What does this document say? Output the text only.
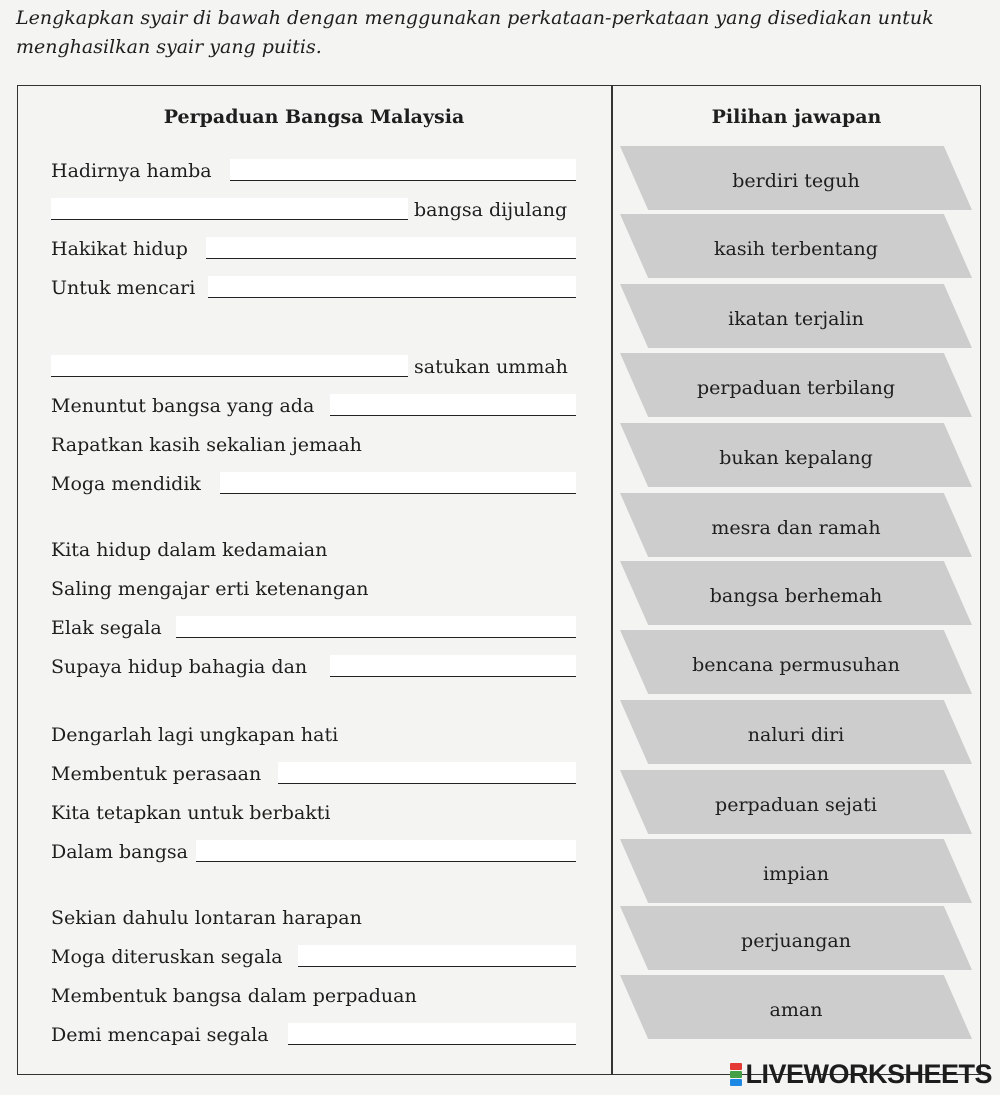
Lengkapkan syair di bawah dengan menggunakan perkataan-perkataan yang disediakan untuk menghasilkan syair yang puitis.
Perpaduan Bangsa Malaysia	Pilihan jawapan
Hadirnya hamba
bangsa dijulang
Hakikat hidup
Untuk mencari
satukan ummah
Menuntut bangsa yang ada
Rapatkan kasih sekalian jemaah
Moga mendidik
Kita hidup dalam kedamaian
Saling mengajar erti ketenangan
Elak segala
Supaya hidup bahagia dan
Dengarlah lagi ungkapan hati
Membentuk perasaan
Kita tetapkan untuk berbakti
Dalam bangsa
Sekian dahulu lontaran harapan
Moga diteruskan segala
Membentuk bangsa dalam perpaduan
Demi mencapai segala
berdiri teguh
kasih terbentang
ikatan terjalin
perpaduan terbilang
bukan kepalang
mesra dan ramah
bangsa berhemah
bencana permusuhan
naluri diri
perpaduan sejati
impian
perjuangan
aman
LIVEWORKSHEETS
